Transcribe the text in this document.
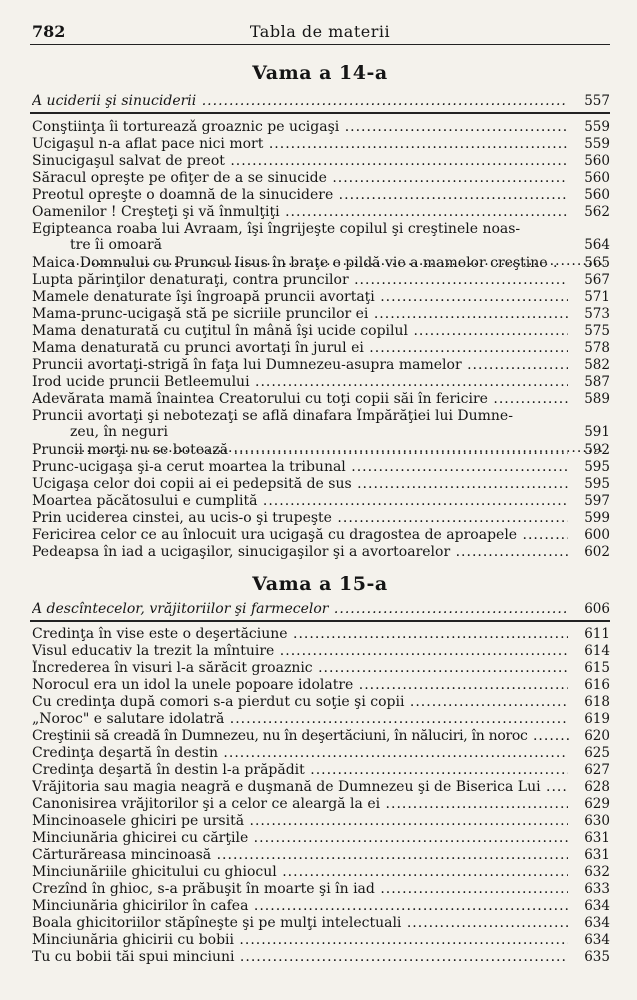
782	Tabla de materii
Vama a 14-a
A uciderii şi sinuciderii .....	557
Conştiinţa îi tortureazǎ groaznic pe ucigaşi .....	559
Ucigaşul n-a aflat pace nici mort .....	559
Sinucigaşul salvat de preot .....	560
Săracul opreşte pe ofiţer de a se sinucide .....	560
Preotul opreşte o doamnă de la sinucidere .....	560
Oamenilor ! Creşteţi şi vă înmulţiţi .....	562
Egipteanca roaba lui Avraam, îşi îngrijeşte copilul şi creştinele noas-
tre îi omoară .....	564
Maica Domnului cu Pruncul Iisus în braţe e pildă vie a mamelor creştine .....	565
Lupta părinţilor denaturaţi, contra pruncilor .....	567
Mamele denaturate îşi îngroapă pruncii avortaţi .....	571
Mama-prunc-ucigaşă stă pe sicriile pruncilor ei .....	573
Mama denaturată cu cuţitul în mână îşi ucide copilul .....	575
Mama denaturată cu prunci avortaţi în jurul ei .....	578
Pruncii avortaţi-strigă în faţa lui Dumnezeu-asupra mamelor .....	582
Irod ucide pruncii Betleemului .....	587
Adevărata mamă înaintea Creatorului cu toţi copii săi în fericire .....	589
Pruncii avortaţi şi nebotezaţi se află dinafara Împărăţiei lui Dumne-
zeu, în neguri .....	591
Pruncii morţi nu se botează .....	592
Prunc-ucigaşa şi-a cerut moartea la tribunal .....	595
Ucigaşa celor doi copii ai ei pedepsită de sus .....	595
Moartea păcătosului e cumplită .....	597
Prin uciderea cinstei, au ucis-o şi trupeşte .....	599
Fericirea celor ce au înlocuit ura ucigaşă cu dragostea de aproapele .....	600
Pedeapsa în iad a ucigaşilor, sinucigaşilor şi a avortoarelor .....	602
Vama a 15-a
A descîntecelor, vrăjitoriilor şi farmecelor .....	606
Credinţa în vise este o deşertăciune .....	611
Visul educativ la trezit la mîntuire .....	614
Încrederea în visuri l-a sărăcit groaznic .....	615
Norocul era un idol la unele popoare idolatre .....	616
Cu credinţa după comori s-a pierdut cu soţie şi copii .....	618
„Noroc" e salutare idolatră .....	619
Creştinii să creadă în Dumnezeu, nu în deşertăciuni, în năluciri, în noroc .....	620
Credinţa deşartă în destin .....	625
Credinţa deşartă în destin l-a prăpădit .....	627
Vrăjitoria sau magia neagră e duşmană de Dumnezeu şi de Biserica Lui .....	628
Canonisirea vrăjitorilor şi a celor ce aleargă la ei .....	629
Mincinoasele ghiciri pe ursită .....	630
Minciunăria ghicirei cu cărţile .....	631
Cărturăreasa mincinoasă .....	631
Minciunăriile ghicitului cu ghiocul .....	632
Crezînd în ghioc, s-a prăbuşit în moarte şi în iad .....	633
Minciunăria ghicirilor în cafea .....	634
Boala ghicitoriilor stăpîneşte şi pe mulţi intelectuali .....	634
Minciunăria ghicirii cu bobii .....	634
Tu cu bobii tăi spui minciuni .....	635
